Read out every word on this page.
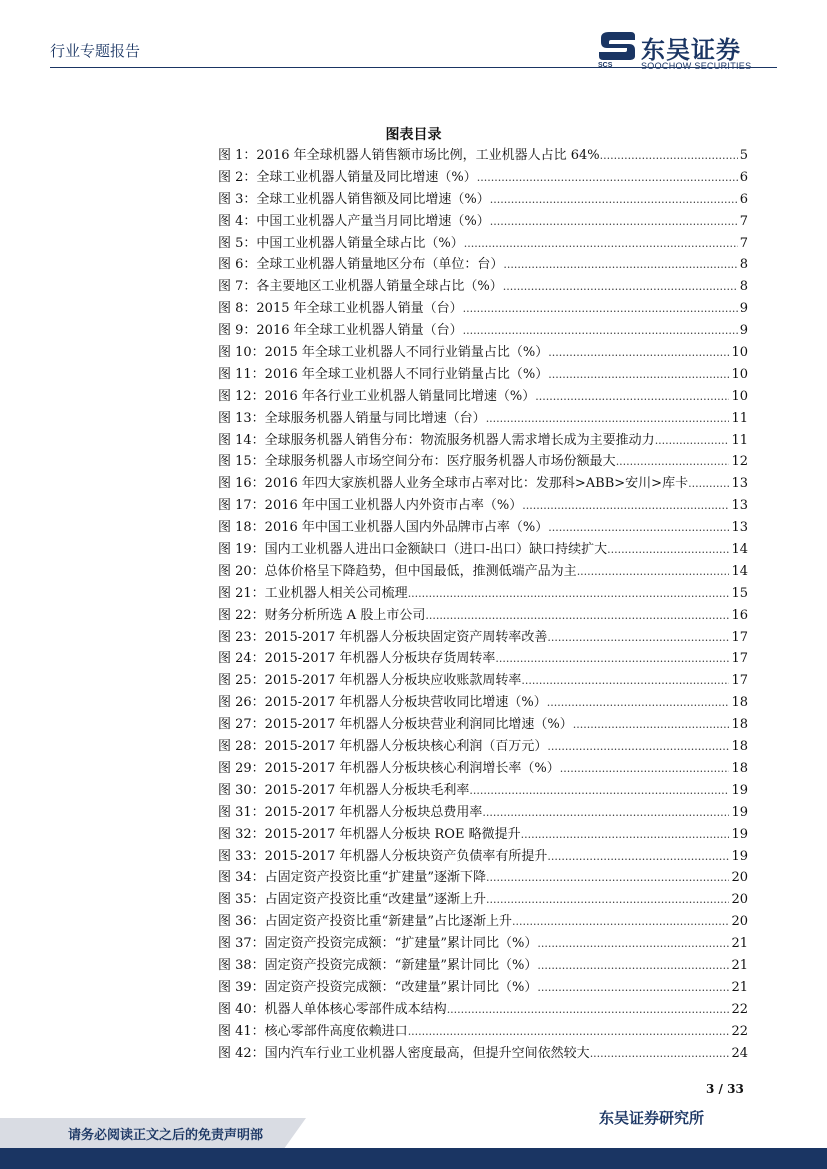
行业专题报告
SCS
东吴证券
SOOCHOW SECURITIES
图表目录
图 1：2016 年全球机器人销售额市场比例，工业机器人占比 64% .....	5
图 2：全球工业机器人销量及同比增速（%） .....	6
图 3：全球工业机器人销售额及同比增速（%） .....	6
图 4：中国工业机器人产量当月同比增速（%） .....	7
图 5：中国工业机器人销量全球占比（%） .....	7
图 6：全球工业机器人销量地区分布（单位：台） .....	8
图 7：各主要地区工业机器人销量全球占比（%） .....	8
图 8：2015 年全球工业机器人销量（台） .....	9
图 9：2016 年全球工业机器人销量（台） .....	9
图 10：2015 年全球工业机器人不同行业销量占比（%） .....	10
图 11：2016 年全球工业机器人不同行业销量占比（%） .....	10
图 12：2016 年各行业工业机器人销量同比增速（%） .....	10
图 13：全球服务机器人销量与同比增速（台） .....	11
图 14：全球服务机器人销售分布：物流服务机器人需求增长成为主要推动力 .....	11
图 15：全球服务机器人市场空间分布：医疗服务机器人市场份额最大 .....	12
图 16：2016 年四大家族机器人业务全球市占率对比：发那科>ABB>安川>库卡 .....	13
图 17：2016 年中国工业机器人内外资市占率（%） .....	13
图 18：2016 年中国工业机器人国内外品牌市占率（%） .....	13
图 19：国内工业机器人进出口金额缺口（进口-出口）缺口持续扩大 .....	14
图 20：总体价格呈下降趋势，但中国最低，推测低端产品为主 .....	14
图 21：工业机器人相关公司梳理 .....	15
图 22：财务分析所选 A 股上市公司 .....	16
图 23：2015-2017 年机器人分板块固定资产周转率改善 .....	17
图 24：2015-2017 年机器人分板块存货周转率 .....	17
图 25：2015-2017 年机器人分板块应收账款周转率 .....	17
图 26：2015-2017 年机器人分板块营收同比增速（%） .....	18
图 27：2015-2017 年机器人分板块营业利润同比增速（%） .....	18
图 28：2015-2017 年机器人分板块核心利润（百万元） .....	18
图 29：2015-2017 年机器人分板块核心利润增长率（%） .....	18
图 30：2015-2017 年机器人分板块毛利率 .....	19
图 31：2015-2017 年机器人分板块总费用率 .....	19
图 32：2015-2017 年机器人分板块 ROE 略微提升 .....	19
图 33：2015-2017 年机器人分板块资产负债率有所提升 .....	19
图 34：占固定资产投资比重“扩建量”逐渐下降 .....	20
图 35：占固定资产投资比重“改建量”逐渐上升 .....	20
图 36：占固定资产投资比重“新建量”占比逐渐上升 .....	20
图 37：固定资产投资完成额：“扩建量”累计同比（%） .....	21
图 38：固定资产投资完成额：“新建量”累计同比（%） .....	21
图 39：固定资产投资完成额：“改建量”累计同比（%） .....	21
图 40：机器人单体核心零部件成本结构 .....	22
图 41：核心零部件高度依赖进口 .....	22
图 42：国内汽车行业工业机器人密度最高，但提升空间依然较大 .....	24
3 / 33
东吴证券研究所
请务必阅读正文之后的免责声明部
